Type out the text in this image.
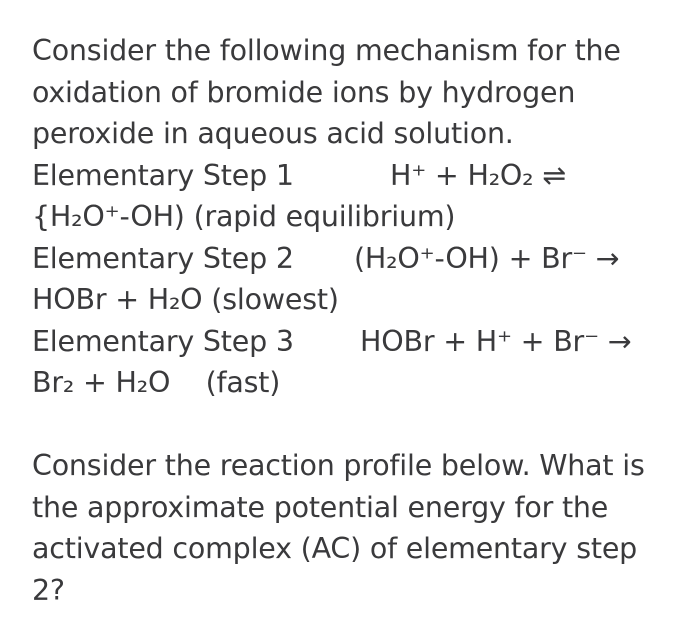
Consider the following mechanism for the
oxidation of bromide ions by hydrogen
peroxide in aqueous acid solution.
Elementary Step 1	H⁺ + H₂O₂ ⇌
{H₂O⁺-OH) (rapid equilibrium)
Elementary Step 2 (H₂O⁺-OH) + Br⁻ →
HOBr + H₂O (slowest)
Elementary Step 3 HOBr + H⁺ + Br⁻ →
Br₂ + H₂O    (fast)
Consider the reaction profile below. What is
the approximate potential energy for the
activated complex (AC) of elementary step
2?
